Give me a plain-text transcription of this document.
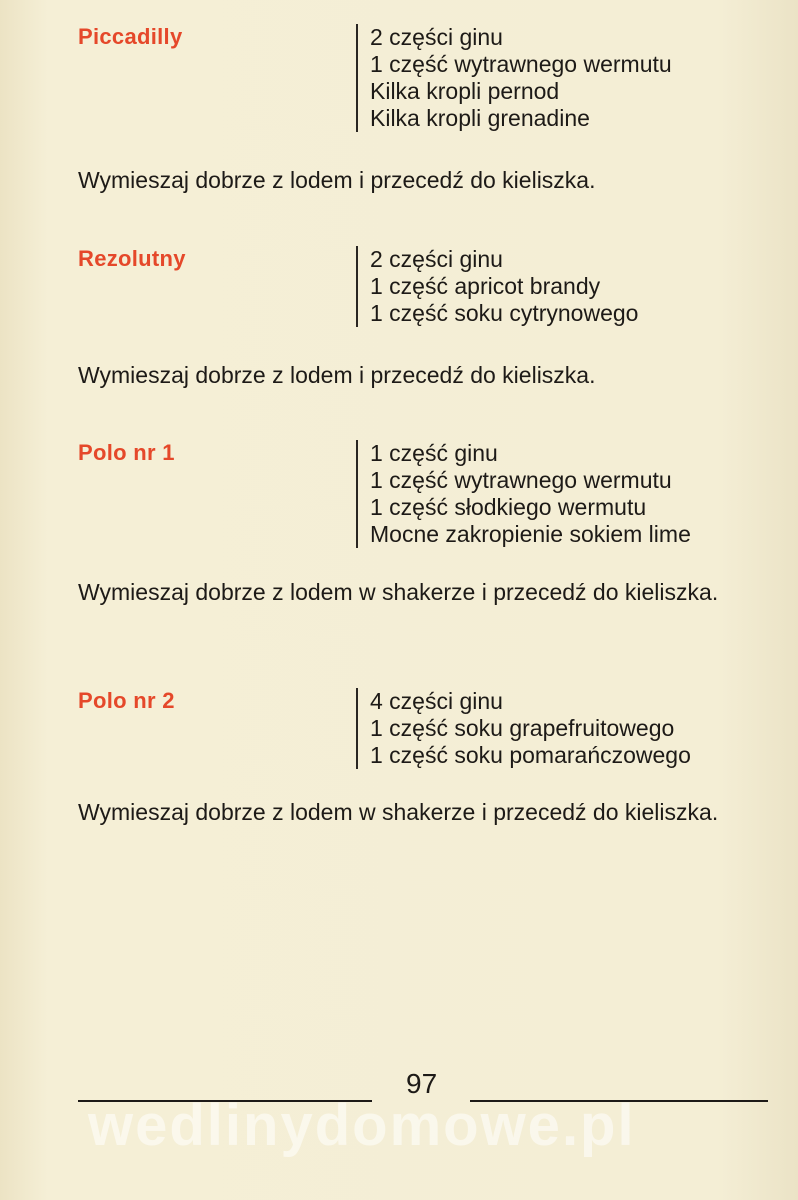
Piccadilly	2 części ginu
1 część wytrawnego wermutu
Kilka kropli pernod
Kilka kropli grenadine
Wymieszaj dobrze z lodem i przecedź do kieliszka.
Rezolutny	2 części ginu
1 część apricot brandy
1 część soku cytrynowego
Wymieszaj dobrze z lodem i przecedź do kieliszka.
Polo nr 1	1 część ginu
1 część wytrawnego wermutu
1 część słodkiego wermutu
Mocne zakropienie sokiem lime
Wymieszaj dobrze z lodem w shakerze i przecedź do kieliszka.
Polo nr 2	4 części ginu
1 część soku grapefruitowego
1 część soku pomarańczowego
Wymieszaj dobrze z lodem w shakerze i przecedź do kieliszka.
97
wedlinydomowe.pl
